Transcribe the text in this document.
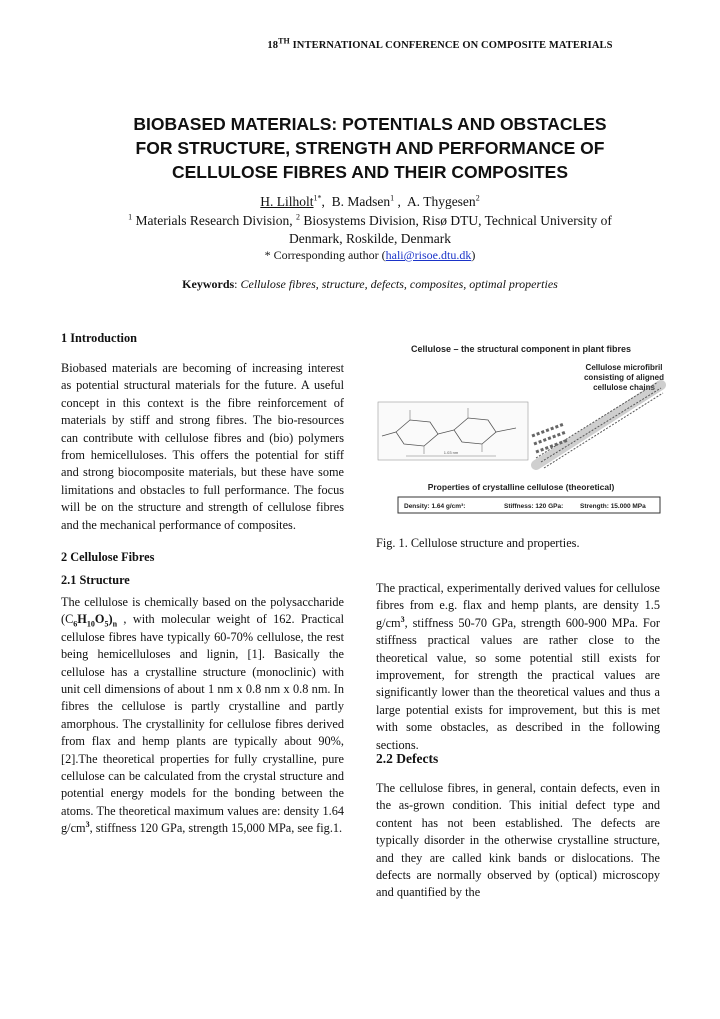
18TH INTERNATIONAL CONFERENCE ON COMPOSITE MATERIALS
BIOBASED MATERIALS: POTENTIALS AND OBSTACLES
FOR STRUCTURE, STRENGTH AND PERFORMANCE OF
CELLULOSE FIBRES AND THEIR COMPOSITES
H. Lilholt$^{1*}$,  B. Madsen$^1$ ,  A. Thygesen$^2$
$^1$ Materials Research Division, $^2$ Biosystems Division, Risø DTU, Technical University of
Denmark, Roskilde, Denmark
* Corresponding author (hali@risoe.dtu.dk)
Keywords: Cellulose fibres, structure, defects, composites, optimal properties
1 Introduction
Biobased materials are becoming of increasing interest as potential structural materials for the future. A useful concept in this context is the fibre reinforcement of materials by stiff and strong fibres. The bio-resources can contribute with cellulose fibres and (bio) polymers from hemicelluloses. This offers the potential for stiff and strong biocomposite materials, but these have some limitations and obstacles to full performance. The focus will be on the structure and strength of cellulose fibres and the mechanical performance of composites.
2 Cellulose Fibres
2.1 Structure
The cellulose is chemically based on the polysaccharide $(C_6H_{10}O_5)_n$ , with molecular weight of 162. Practical cellulose fibres have typically 60-70% cellulose, the rest being hemicelluloses and lignin, [1]. Basically the cellulose has a crystalline structure (monoclinic) with unit cell dimensions of about 1 nm x 0.8 nm x 0.8 nm. In fibres the cellulose is partly crystalline and partly amorphous. The crystallinity for cellulose fibres derived from flax and hemp plants are typically about 90%, [2].The theoretical properties for fully crystalline, pure cellulose can be calculated from the crystal structure and potential energy models for the bonding between the atoms. The theoretical maximum values are: density 1.64 $g/cm^3$, stiffness 120 GPa, strength 15,000 MPa, see fig.1.
Cellulose – the structural component in plant fibres
Cellulose microfibril
consisting of aligned
cellulose chains
1.03 nm
Properties of crystalline cellulose (theoretical)
Density: 1.64 g/cm³:	Stiffness: 120 GPa:	Strength: 15.000 MPa
Fig. 1. Cellulose structure and properties.
The practical, experimentally derived values for cellulose fibres from e.g. flax and hemp plants, are density 1.5 $g/cm^3$, stiffness 50-70 GPa, strength 600-900 MPa. For stiffness practical values are rather close to the theoretical value, so some potential still exists for improvement, for strength the practical values are significantly lower than the theoretical values and thus a large potential exists for improvement, but this is met with some obstacles, as described in the following sections.
2.2 Defects
The cellulose fibres, in general, contain defects, even in the as-grown condition. This initial defect type and content has not been established. The defects are typically disorder in the otherwise crystalline structure, and they are called kink bands or dislocations. The defects are normally observed by (optical) microscopy and quantified by the
